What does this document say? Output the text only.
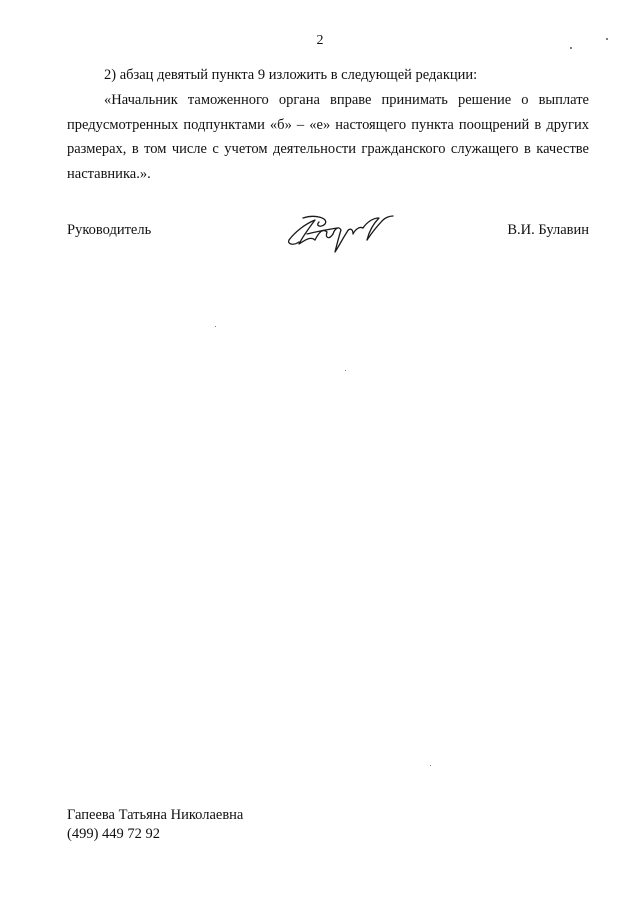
2

2) абзац девятый пункта 9 изложить в следующей редакции:

«Начальник таможенного органа вправе принимать решение о выплате предусмотренных подпунктами «б» – «е» настоящего пункта поощрений в других размерах, в том числе с учетом деятельности гражданского служащего в качестве наставника.».

Руководитель	В.И. Булавин
Гапеева Татьяна Николаевна
(499) 449 72 92
